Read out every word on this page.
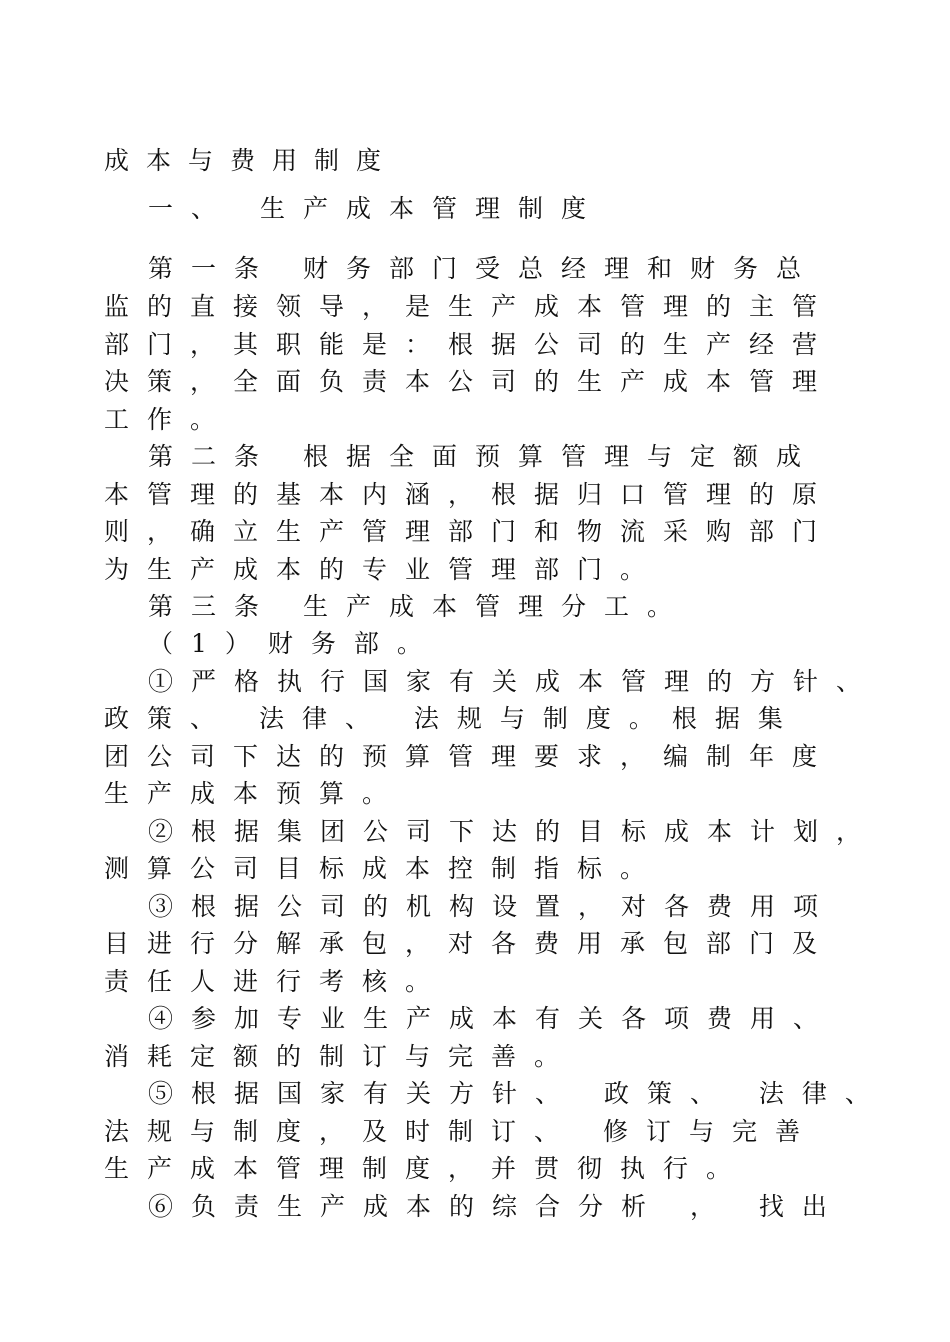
成本与费用制度
一、 生产成本管理制度
第一条 财务部门受总经理和财务总
监的直接领导，是生产成本管理的主管
部门，其职能是：根据公司的生产经营
决策，全面负责本公司的生产成本管理
工作。
第二条 根据全面预算管理与定额成
本管理的基本内涵，根据归口管理的原
则，确立生产管理部门和物流采购部门
为生产成本的专业管理部门。
第三条 生产成本管理分工。
（1）财务部。
①严格执行国家有关成本管理的方针、
政策、 法律、 法规与制度。根据集
团公司下达的预算管理要求，编制年度
生产成本预算。
②根据集团公司下达的目标成本计划，
测算公司目标成本控制指标。
③根据公司的机构设置，对各费用项
目进行分解承包，对各费用承包部门及
责任人进行考核。
④参加专业生产成本有关各项费用、
消耗定额的制订与完善。
⑤根据国家有关方针、 政策、 法律、
法规与制度，及时制订、 修订与完善
生产成本管理制度，并贯彻执行。
⑥负责生产成本的综合分析 ， 找出
